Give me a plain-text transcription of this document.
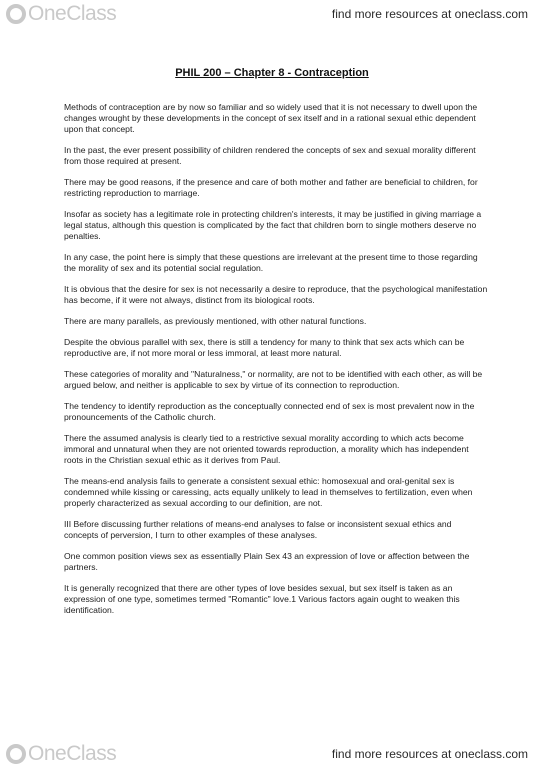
OneClass	find more resources at oneclass.com
PHIL 200 – Chapter 8 - Contraception

Methods of contraception are by now so familiar and so widely used that it is not necessary to dwell upon the changes wrought by these developments in the concept of sex itself and in a rational sexual ethic dependent upon that concept.

In the past, the ever present possibility of children rendered the concepts of sex and sexual morality different from those required at present.

There may be good reasons, if the presence and care of both mother and father are beneficial to children, for restricting reproduction to marriage.

Insofar as society has a legitimate role in protecting children's interests, it may be justified in giving marriage a legal status, although this question is complicated by the fact that children born to single mothers deserve no penalties.

In any case, the point here is simply that these questions are irrelevant at the present time to those regarding the morality of sex and its potential social regulation.

It is obvious that the desire for sex is not necessarily a desire to reproduce, that the psychological manifestation has become, if it were not always, distinct from its biological roots.

There are many parallels, as previously mentioned, with other natural functions.

Despite the obvious parallel with sex, there is still a tendency for many to think that sex acts which can be reproductive are, if not more moral or less immoral, at least more natural.

These categories of morality and "Naturalness," or normality, are not to be identified with each other, as will be argued below, and neither is applicable to sex by virtue of its connection to reproduction.

The tendency to identify reproduction as the conceptually connected end of sex is most prevalent now in the pronouncements of the Catholic church.

There the assumed analysis is clearly tied to a restrictive sexual morality according to which acts become immoral and unnatural when they are not oriented towards reproduction, a morality which has independent roots in the Christian sexual ethic as it derives from Paul.

The means-end analysis fails to generate a consistent sexual ethic: homosexual and oral-genital sex is condemned while kissing or caressing, acts equally unlikely to lead in themselves to fertilization, even when properly characterized as sexual according to our definition, are not.

III Before discussing further relations of means-end analyses to false or inconsistent sexual ethics and concepts of perversion, I turn to other examples of these analyses.

One common position views sex as essentially Plain Sex 43 an expression of love or affection between the partners.

It is generally recognized that there are other types of love besides sexual, but sex itself is taken as an expression of one type, sometimes termed "Romantic" love.1 Various factors again ought to weaken this identification.

OneClass	find more resources at oneclass.com
